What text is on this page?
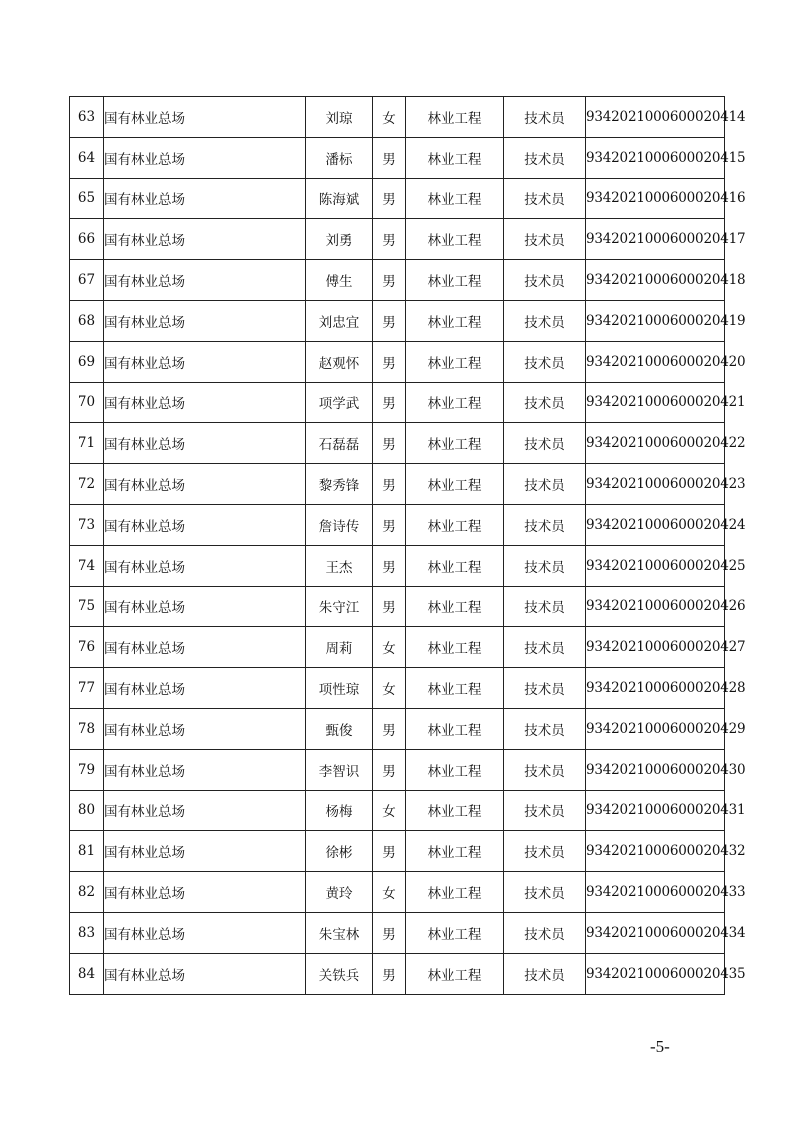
63	国有林业总场	刘琼	女	林业工程	技术员	934202100060002041​4
64	国有林业总场	潘标	男	林业工程	技术员	9342021000600020415
65	国有林业总场	陈海斌	男	林业工程	技术员	9342021000600020416
66	国有林业总场	刘勇	男	林业工程	技术员	9342021000600020417
67	国有林业总场	傅生	男	林业工程	技术员	9342021000600020418
68	国有林业总场	刘忠宜	男	林业工程	技术员	9342021000600020419
69	国有林业总场	赵观怀	男	林业工程	技术员	9342021000600020420
70	国有林业总场	项学武	男	林业工程	技术员	9342021000600020421
71	国有林业总场	石磊磊	男	林业工程	技术员	9342021000600020422
72	国有林业总场	黎秀锋	男	林业工程	技术员	9342021000600020423
73	国有林业总场	詹诗传	男	林业工程	技术员	9342021000600020424
74	国有林业总场	王杰	男	林业工程	技术员	9342021000600020425
75	国有林业总场	朱守江	男	林业工程	技术员	9342021000600020426
76	国有林业总场	周莉	女	林业工程	技术员	9342021000600020427
77	国有林业总场	项性琼	女	林业工程	技术员	9342021000600020428
78	国有林业总场	甄俊	男	林业工程	技术员	9342021000600020429
79	国有林业总场	李智识	男	林业工程	技术员	9342021000600020430
80	国有林业总场	杨梅	女	林业工程	技术员	9342021000600020431
81	国有林业总场	徐彬	男	林业工程	技术员	9342021000600020432
82	国有林业总场	黄玲	女	林业工程	技术员	9342021000600020433
83	国有林业总场	朱宝林	男	林业工程	技术员	9342021000600020434
84	国有林业总场	关铁兵	男	林业工程	技术员	9342021000600020435
-5-
